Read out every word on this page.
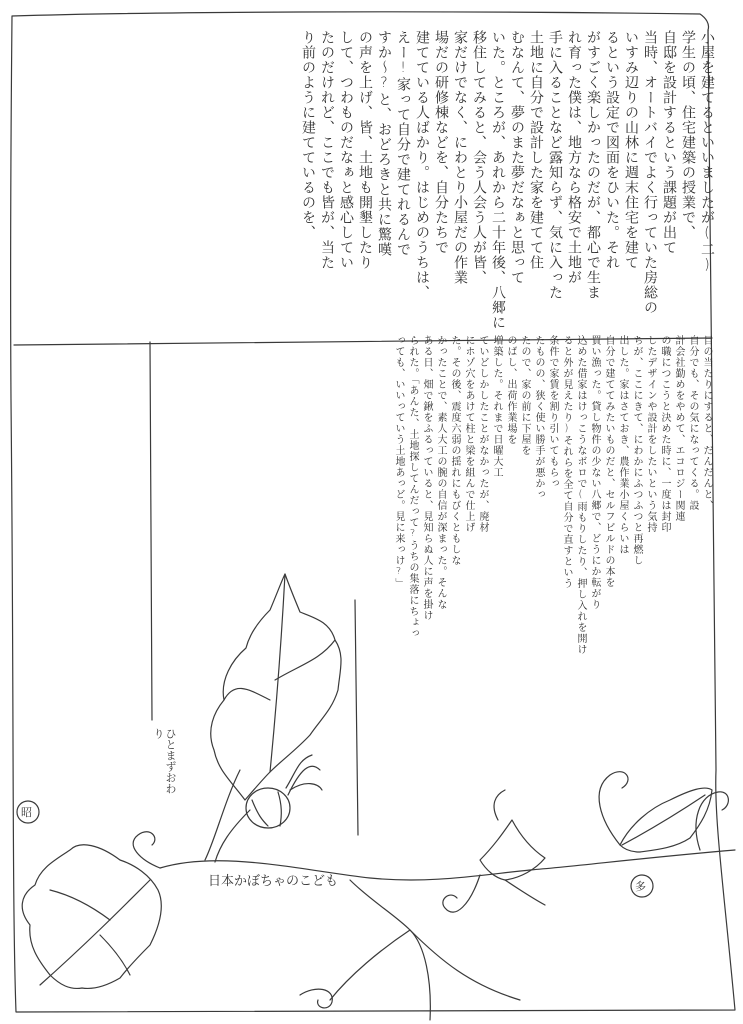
小屋を建てるといいましたが(二)
学生の頃、住宅建築の授業で、
自邸を設計するという課題が出て
当時、オートバイでよく行っていた房総の
いすみ辺りの山林に週末住宅を建て
るという設定で図面をひいた。それ
がすごく楽しかったのだが、都心で生ま
れ育った僕は、地方なら格安で土地が
手に入ることなど露知らず、気に入った
土地に自分で設計した家を建てて住
むなんて、夢のまた夢だなぁと思って
いた。ところが、あれから二十年後、八郷に
移住してみると、会う人会う人が皆、
家だけでなく、にわとり小屋だの作業
場だの研修棟などを、自分たちで
建てている人ばかり。はじめのうちは、
えー!家って自分で建てれるんで
すか〜?と、おどろきと共に驚嘆
の声を上げ、皆、土地も開墾したり
して、つわものだなぁと感心してい
たのだけれど、ここでも皆が、当た
り前のように建てているのを、
目の当たりにすると、だんだんと、
自分でも、その気になってくる。設
計会社勤めをやめて、エコロジー関連
の職につこうと決めた時に、一度は封印
したデザインや設計をしたいという気持
ちが、ここにきて、にわかにふつふつと再燃し
出した。家はさておき、農作業小屋くらいは
自分で建ててみたいものだと、セルフビルドの本を
買い漁った。貸し物件の少ない八郷で、どうにか転がり
込めた借家はけっこうなボロで(雨もりしたり、押し入れを開け
ると外が見えたり)それらを全て自分で直すという
条件で家賃を割り引いてもらっ
たものの、狭く使い勝手が悪かっ
たので、家の前に下屋を
のばし、出荷作業場を
増築した。それまで日曜大工
ていどしかしたことがなかったが、廃材
にホゾ穴をあけて柱と梁を組んで仕上げ
た。その後、震度六弱の揺れにもびくともしな
かったことで、素人大工の腕の自信が深まった。そんな
ある日、畑で鍬をふるっていると、見知らぬ人に声を掛け
られた。「あんた、土地探してんだって?うちの集落にちょっ
っても、いいっていう土地あっど。見に来っけ?」
ひとまずおわり
日本かぼちゃのこども
昭
多
